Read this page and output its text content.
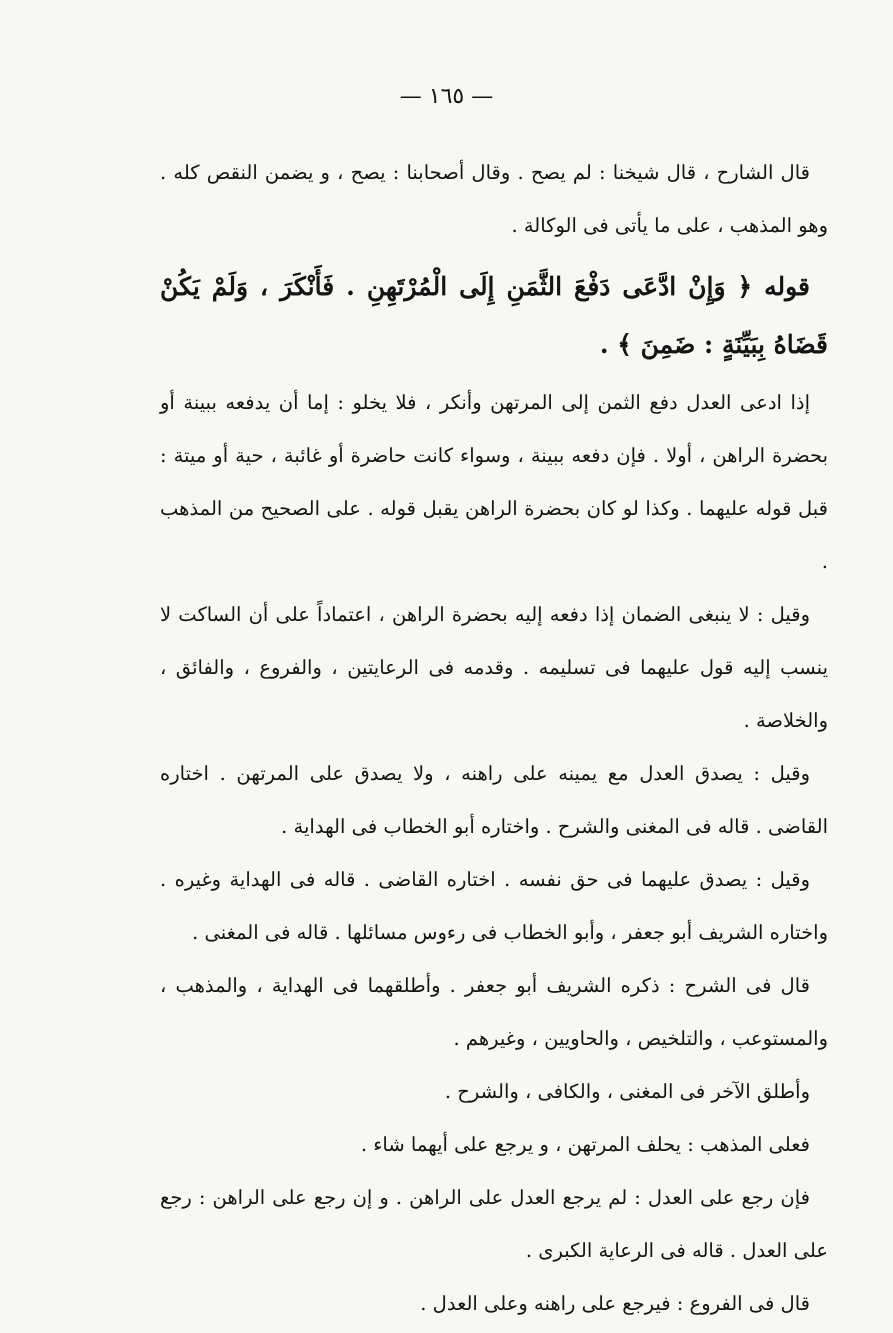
— ١٦٥ —

قال الشارح ، قال شيخنا : لم يصح . وقال أصحابنا : يصح ، و يضمن النقص كله . وهو المذهب ، على ما يأتى فى الوكالة .

قوله ﴿ وَإِنْ ادَّعَى دَفْعَ الثَّمَنِ إِلَى الْمُرْتَهِنِ . فَأَنْكَرَ ، وَلَمْ يَكُنْ قَضَاهُ بِبَيِّنَةٍ : ضَمِنَ ﴾ .

إذا ادعى العدل دفع الثمن إلى المرتهن وأنكر ، فلا يخلو : إما أن يدفعه ببينة أو بحضرة الراهن ، أولا . فإن دفعه ببينة ، وسواء كانت حاضرة أو غائبة ، حية أو ميتة : قبل قوله عليهما . وكذا لو كان بحضرة الراهن يقبل قوله . على الصحيح من المذهب .

وقيل : لا ينبغى الضمان إذا دفعه إليه بحضرة الراهن ، اعتماداً على أن الساكت لا ينسب إليه قول عليهما فى تسليمه . وقدمه فى الرعايتين ، والفروع ، والفائق ، والخلاصة .

وقيل : يصدق العدل مع يمينه على راهنه ، ولا يصدق على المرتهن . اختاره القاضى . قاله فى المغنى والشرح . واختاره أبو الخطاب فى الهداية .

وقيل : يصدق عليهما فى حق نفسه . اختاره القاضى . قاله فى الهداية وغيره . واختاره الشريف أبو جعفر ، وأبو الخطاب فى رءوس مسائلها . قاله فى المغنى .

قال فى الشرح : ذكره الشريف أبو جعفر . وأطلقهما فى الهداية ، والمذهب ، والمستوعب ، والتلخيص ، والحاويين ، وغيرهم .

وأطلق الآخر فى المغنى ، والكافى ، والشرح .

فعلى المذهب : يحلف المرتهن ، و يرجع على أيهما شاء .

فإن رجع على العدل : لم يرجع العدل على الراهن . و إن رجع على الراهن : رجع على العدل . قاله فى الرعاية الكبرى .

قال فى الفروع : فيرجع على راهنه وعلى العدل .
